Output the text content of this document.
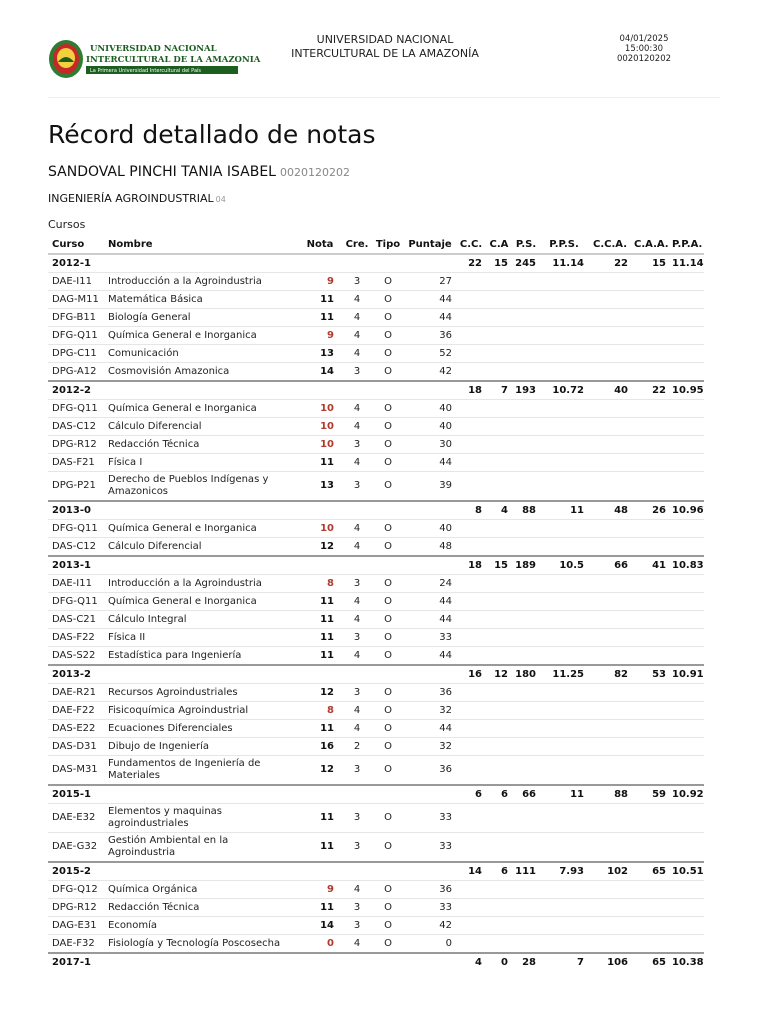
UNIVERSIDAD NACIONAL
INTERCULTURAL DE LA AMAZONIA
La Primera Universidad Intercultural del País
UNIVERSIDAD NACIONAL
INTERCULTURAL DE LA AMAZONÍA
04/01/2025 15:00:30
0020120202
Récord detallado de notas
SANDOVAL PINCHI TANIA ISABEL 0020120202
INGENIERÍA AGROINDUSTRIAL 04
Cursos
Curso	Nombre	Nota	Cre.	Tipo	Puntaje	C.C.	C.A	P.S.	P.P.S.	C.C.A.	C.A.A.	P.P.A.
2012-1						22	15	245	11.14	22	15	11.14
DAE-I11	Introducción a la Agroindustria	9	3	O	27							
DAG-M11	Matemática Básica	11	4	O	44							
DFG-B11	Biología General	11	4	O	44							
DFG-Q11	Química General e Inorganica	9	4	O	36							
DPG-C11	Comunicación	13	4	O	52							
DPG-A12	Cosmovisión Amazonica	14	3	O	42							
2012-2						18	7	193	10.72	40	22	10.95
DFG-Q11	Química General e Inorganica	10	4	O	40							
DAS-C12	Cálculo Diferencial	10	4	O	40							
DPG-R12	Redacción Técnica	10	3	O	30							
DAS-F21	Física I	11	4	O	44							
DPG-P21	Derecho de Pueblos Indígenas y Amazonicos	13	3	O	39							
2013-0						8	4	88	11	48	26	10.96
DFG-Q11	Química General e Inorganica	10	4	O	40							
DAS-C12	Cálculo Diferencial	12	4	O	48							
2013-1						18	15	189	10.5	66	41	10.83
DAE-I11	Introducción a la Agroindustria	8	3	O	24							
DFG-Q11	Química General e Inorganica	11	4	O	44							
DAS-C21	Cálculo Integral	11	4	O	44							
DAS-F22	Física II	11	3	O	33							
DAS-S22	Estadística para Ingeniería	11	4	O	44							
2013-2						16	12	180	11.25	82	53	10.91
DAE-R21	Recursos Agroindustriales	12	3	O	36							
DAE-F22	Fisicoquímica Agroindustrial	8	4	O	32							
DAS-E22	Ecuaciones Diferenciales	11	4	O	44							
DAS-D31	Dibujo de Ingeniería	16	2	O	32							
DAS-M31	Fundamentos de Ingeniería de Materiales	12	3	O	36							
2015-1						6	6	66	11	88	59	10.92
DAE-E32	Elementos y maquinas agroindustriales	11	3	O	33							
DAE-G32	Gestión Ambiental en la Agroindustria	11	3	O	33							
2015-2						14	6	111	7.93	102	65	10.51
DFG-Q12	Química Orgánica	9	4	O	36							
DPG-R12	Redacción Técnica	11	3	O	33							
DAG-E31	Economía	14	3	O	42							
DAE-F32	Fisiología y Tecnología Poscosecha	0	4	O	0							
2017-1						4	0	28	7	106	65	10.38
